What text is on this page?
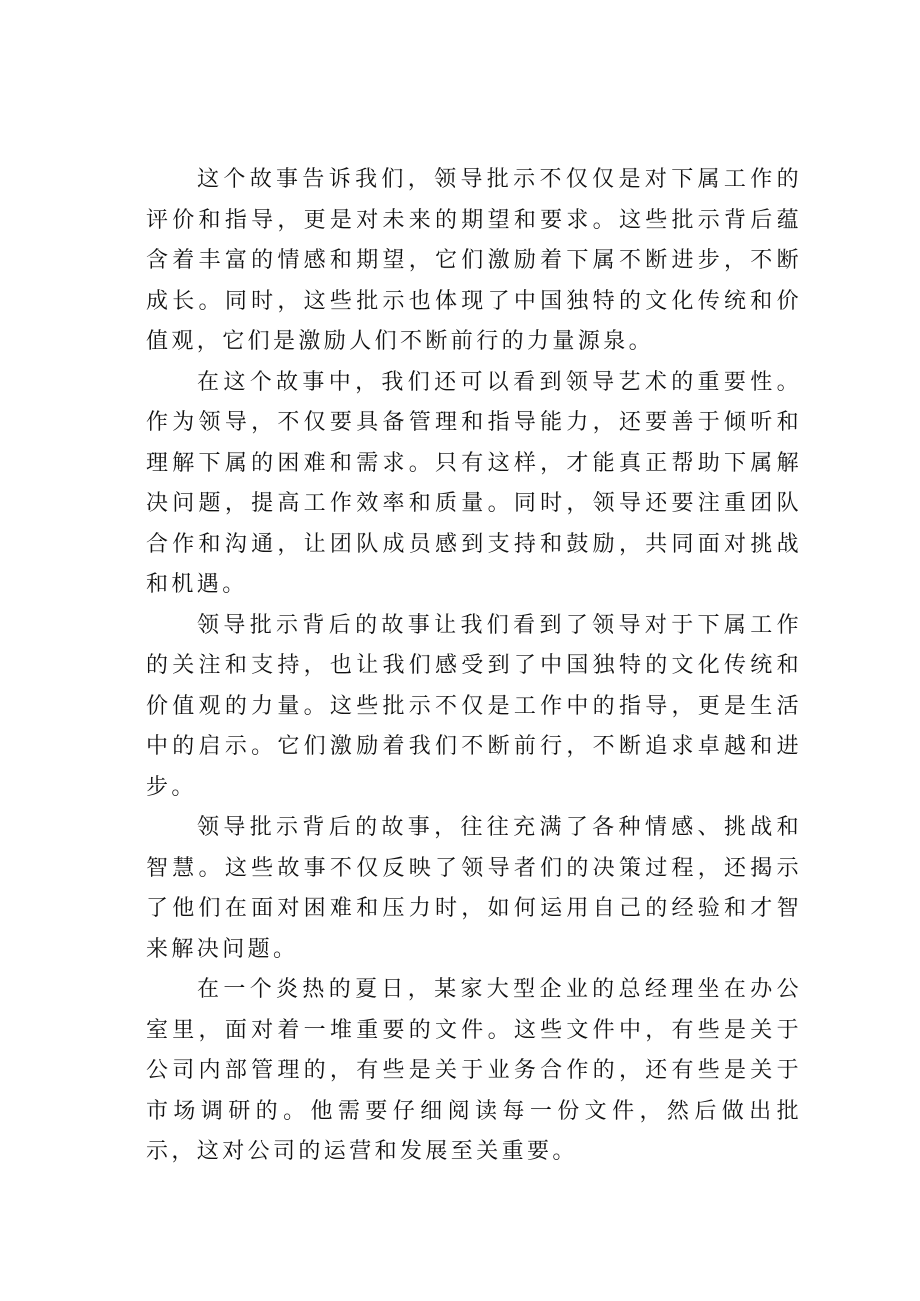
这个故事告诉我们，领导批示不仅仅是对下属工作的评价和指导，更是对未来的期望和要求。这些批示背后蕴含着丰富的情感和期望，它们激励着下属不断进步，不断成长。同时，这些批示也体现了中国独特的文化传统和价值观，它们是激励人们不断前行的力量源泉。

在这个故事中，我们还可以看到领导艺术的重要性。作为领导，不仅要具备管理和指导能力，还要善于倾听和理解下属的困难和需求。只有这样，才能真正帮助下属解决问题，提高工作效率和质量。同时，领导还要注重团队合作和沟通，让团队成员感到支持和鼓励，共同面对挑战和机遇。

领导批示背后的故事让我们看到了领导对于下属工作的关注和支持，也让我们感受到了中国独特的文化传统和价值观的力量。这些批示不仅是工作中的指导，更是生活中的启示。它们激励着我们不断前行，不断追求卓越和进步。

领导批示背后的故事，往往充满了各种情感、挑战和智慧。这些故事不仅反映了领导者们的决策过程，还揭示了他们在面对困难和压力时，如何运用自己的经验和才智来解决问题。

在一个炎热的夏日，某家大型企业的总经理坐在办公室里，面对着一堆重要的文件。这些文件中，有些是关于公司内部管理的，有些是关于业务合作的，还有些是关于市场调研的。他需要仔细阅读每一份文件，然后做出批示，这对公司的运营和发展至关重要。
